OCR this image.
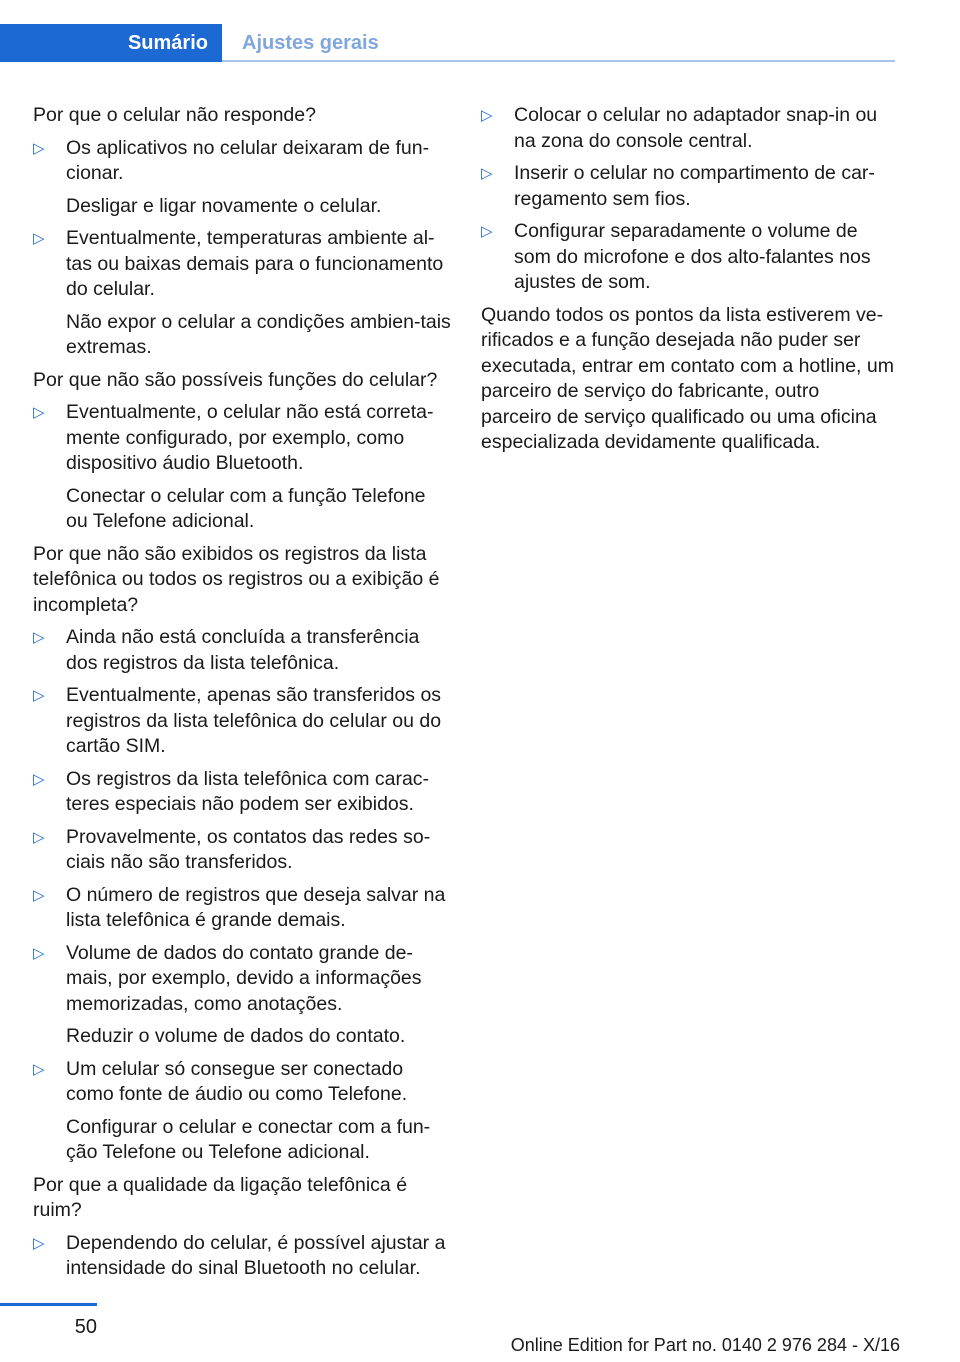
Sumário	Ajustes gerais

Por que o celular não responde?

▷ Os aplicativos no celular deixaram de fun-cionar.
Desligar e ligar novamente o celular.
▷ Eventualmente, temperaturas ambiente al-tas ou baixas demais para o funcionamento do celular.
Não expor o celular a condições ambien-tais extremas.

Por que não são possíveis funções do celular?

▷ Eventualmente, o celular não está correta-mente configurado, por exemplo, como dispositivo áudio Bluetooth.
Conectar o celular com a função Telefone ou Telefone adicional.

Por que não são exibidos os registros da lista telefônica ou todos os registros ou a exibição é incompleta?

▷ Ainda não está concluída a transferência dos registros da lista telefônica.
▷ Eventualmente, apenas são transferidos os registros da lista telefônica do celular ou do cartão SIM.
▷ Os registros da lista telefônica com carac-teres especiais não podem ser exibidos.
▷ Provavelmente, os contatos das redes so-ciais não são transferidos.
▷ O número de registros que deseja salvar na lista telefônica é grande demais.
▷ Volume de dados do contato grande de-mais, por exemplo, devido a informações memorizadas, como anotações.
Reduzir o volume de dados do contato.
▷ Um celular só consegue ser conectado como fonte de áudio ou como Telefone.
Configurar o celular e conectar com a fun-ção Telefone ou Telefone adicional.

Por que a qualidade da ligação telefônica é ruim?

▷ Dependendo do celular, é possível ajustar a intensidade do sinal Bluetooth no celular.
▷ Colocar o celular no adaptador snap-in ou na zona do console central.
▷ Inserir o celular no compartimento de car-regamento sem fios.
▷ Configurar separadamente o volume de som do microfone e dos alto-falantes nos ajustes de som.

Quando todos os pontos da lista estiverem ve-rificados e a função desejada não puder ser executada, entrar em contato com a hotline, um parceiro de serviço do fabricante, outro parceiro de serviço qualificado ou uma oficina especializada devidamente qualificada.

50
Online Edition for Part no. 0140 2 976 284 - X/16
